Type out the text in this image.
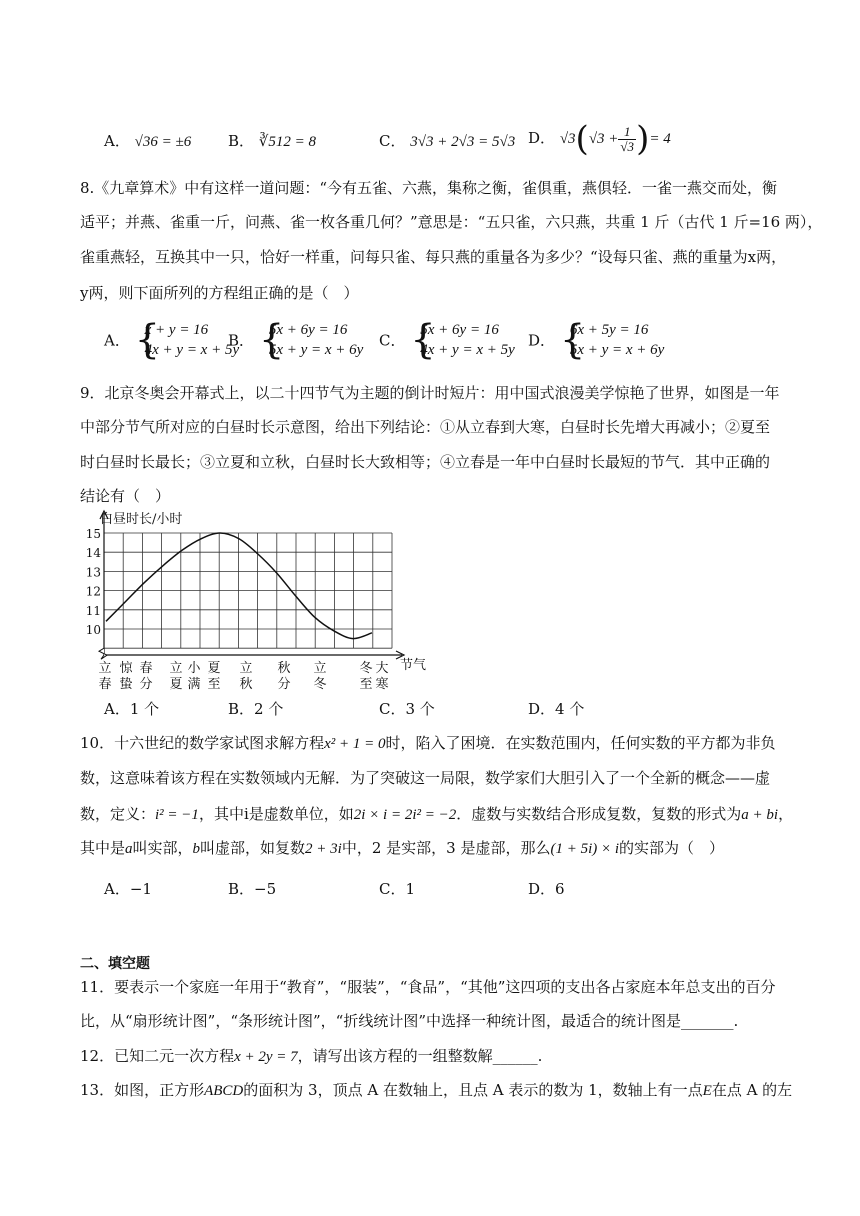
A． √36 = ±6 B． ∛512 = 8	C． 3√3 + 2√3 = 5√3 D． $√3(√3 + \frac{1}{√3}$ )= 4
8.《九章算术》中有这样一道问题：“今有五雀、六燕，集称之衡，雀俱重，燕俱轻．一雀一燕交而处，衡
适平；并燕、雀重一斤，问燕、雀一枚各重几何？”意思是：“五只雀，六只燕，共重 1 斤（古代 1 斤=16 两），
雀重燕轻，互换其中一只，恰好一样重，问每只雀、每只燕的重量各为多少？“设每只雀、燕的重量为x两，
y两，则下面所列的方程组正确的是（　）
A． {
x + y = 16
4x + y = x + 5y
B． {
5x + 6y = 16
5x + y = x + 6y
C． {
5x + 6y = 16
4x + y = x + 5y
D． {
6x + 5y = 16
5x + y = x + 6y
9．北京冬奥会开幕式上，以二十四节气为主题的倒计时短片：用中国式浪漫美学惊艳了世界，如图是一年
中部分节气所对应的白昼时长示意图，给出下列结论：①从立春到大寒，白昼时长先增大再减小；②夏至
时白昼时长最长；③立夏和立秋，白昼时长大致相等；④立春是一年中白昼时长最短的节气．其中正确的
结论有（　）
15
14
13
12
11
10
立
春
惊
蛰
春
分
立
夏
小
满
夏
至
立
秋
秋
分
立
冬
冬
至
大
寒
白昼时长/小时
节气
A．1 个	B．2 个	C．3 个	D．4 个
10．十六世纪的数学家试图求解方程x² + 1 = 0时，陷入了困境．在实数范围内，任何实数的平方都为非负
数，这意味着该方程在实数领域内无解．为了突破这一局限，数学家们大胆引入了一个全新的概念——虚
数，定义：i² = −1，其中i是虚数单位，如2i × i = 2i² = −2．虚数与实数结合形成复数，复数的形式为a + bi，
其中是a叫实部，b叫虚部，如复数2 + 3i中，2 是实部，3 是虚部，那么(1 + 5i) × i的实部为（　）
A．−1	B．−5	C．1	D．6
二、填空题
11．要表示一个家庭一年用于“教育”，“服装”，“食品”，“其他”这四项的支出各占家庭本年总支出的百分
比，从“扇形统计图”，“条形统计图”，“折线统计图”中选择一种统计图，最适合的统计图是_______.
12．已知二元一次方程x + 2y = 7，请写出该方程的一组整数解______.
13．如图，正方形ABCD的面积为 3，顶点 A 在数轴上，且点 A 表示的数为 1，数轴上有一点E在点 A 的左
